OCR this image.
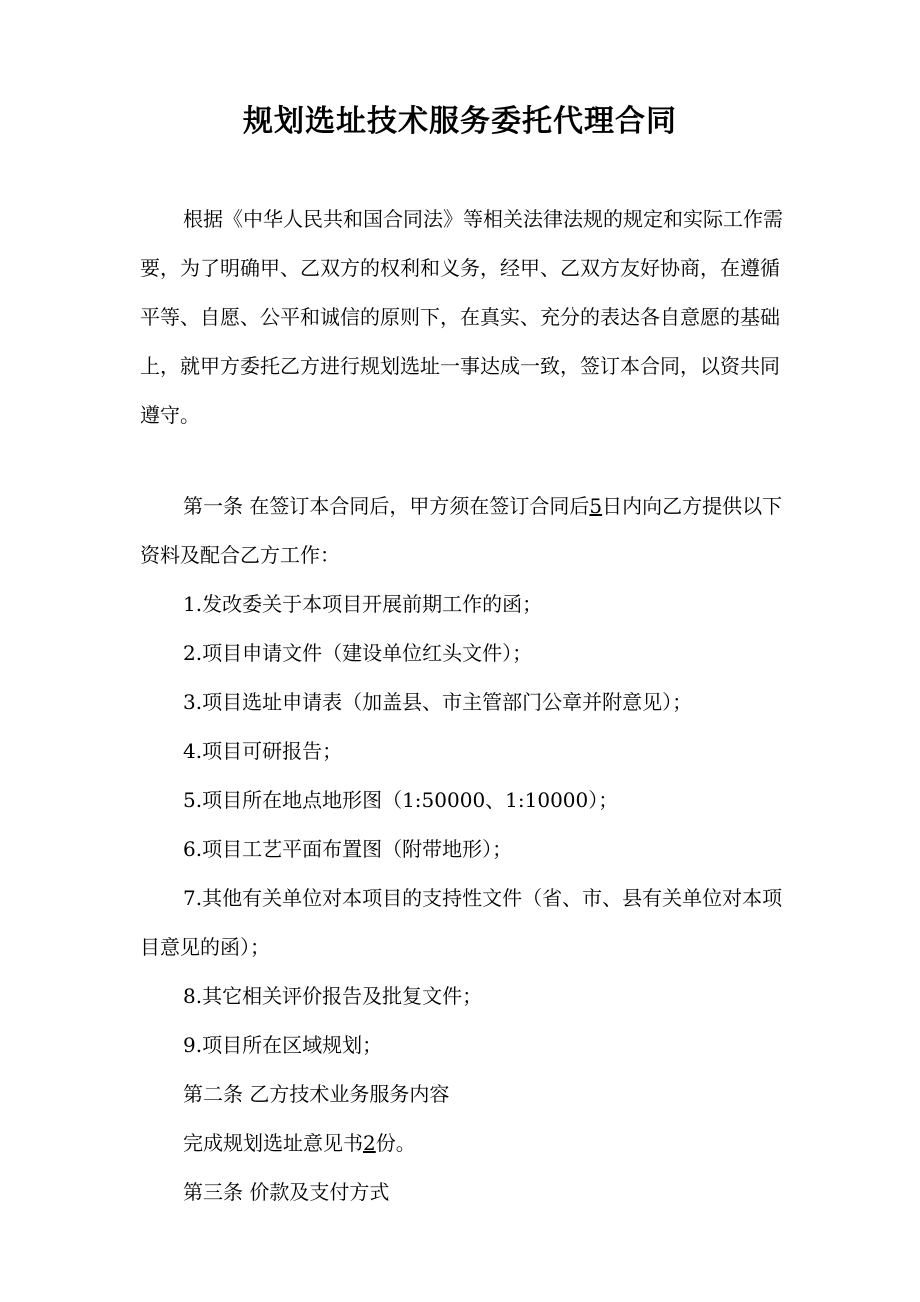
规划选址技术服务委托代理合同

根据《中华人民共和国合同法》等相关法律法规的规定和实际工作需要，为了明确甲、乙双方的权利和义务，经甲、乙双方友好协商，在遵循平等、自愿、公平和诚信的原则下，在真实、充分的表达各自意愿的基础上，就甲方委托乙方进行规划选址一事达成一致，签订本合同，以资共同遵守。

第一条 在签订本合同后，甲方须在签订合同后5日内向乙方提供以下资料及配合乙方工作：

1.发改委关于本项目开展前期工作的函；

2.项目申请文件（建设单位红头文件）；

3.项目选址申请表（加盖县、市主管部门公章并附意见）；

4.项目可研报告；

5.项目所在地点地形图（1:50000、1:10000）；

6.项目工艺平面布置图（附带地形）；

7.其他有关单位对本项目的支持性文件（省、市、县有关单位对本项目意见的函）；

8.其它相关评价报告及批复文件；

9.项目所在区域规划；

第二条 乙方技术业务服务内容

完成规划选址意见书2份。

第三条 价款及支付方式
